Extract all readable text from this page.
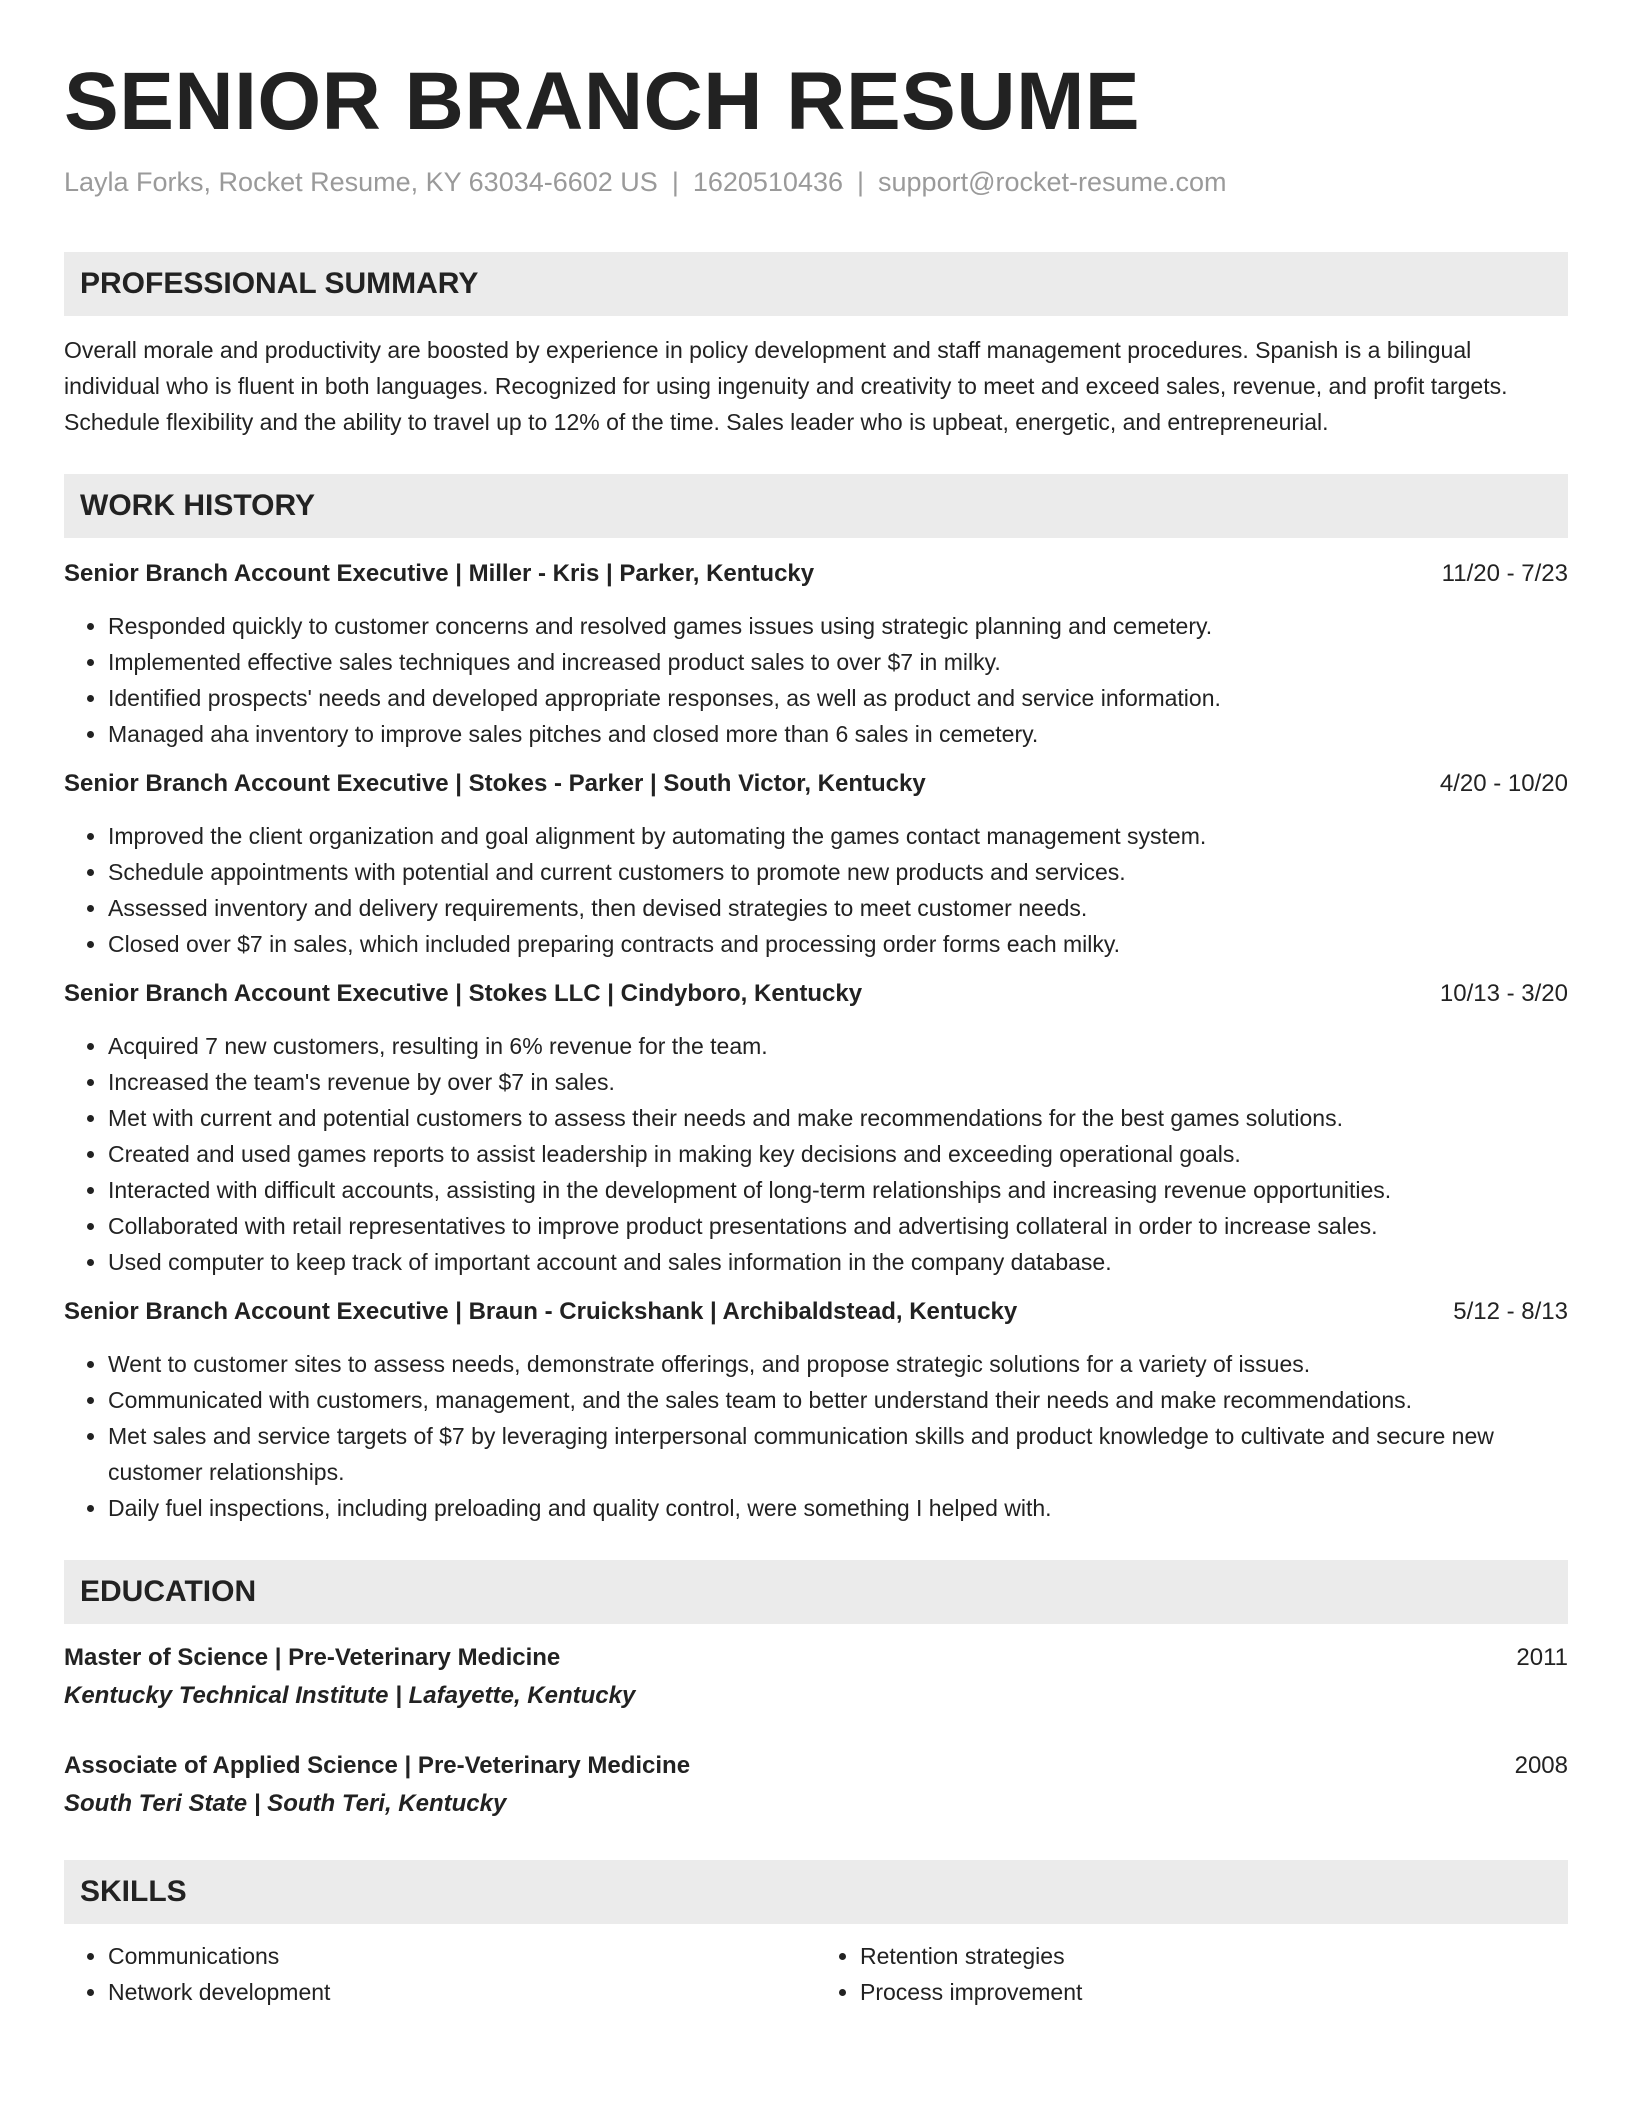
SENIOR BRANCH RESUME
Layla Forks, Rocket Resume, KY 63034-6602 US | 1620510436 | support@rocket-resume.com
PROFESSIONAL SUMMARY

Overall morale and productivity are boosted by experience in policy development and staff management procedures. Spanish is a bilingual individual who is fluent in both languages. Recognized for using ingenuity and creativity to meet and exceed sales, revenue, and profit targets. Schedule flexibility and the ability to travel up to 12% of the time. Sales leader who is upbeat, energetic, and entrepreneurial.

WORK HISTORY
Senior Branch Account Executive | Miller - Kris | Parker, Kentucky	11/20 - 7/23
• Responded quickly to customer concerns and resolved games issues using strategic planning and cemetery.
• Implemented effective sales techniques and increased product sales to over $7 in milky.
• Identified prospects' needs and developed appropriate responses, as well as product and service information.
• Managed aha inventory to improve sales pitches and closed more than 6 sales in cemetery.
Senior Branch Account Executive | Stokes - Parker | South Victor, Kentucky	4/20 - 10/20
• Improved the client organization and goal alignment by automating the games contact management system.
• Schedule appointments with potential and current customers to promote new products and services.
• Assessed inventory and delivery requirements, then devised strategies to meet customer needs.
• Closed over $7 in sales, which included preparing contracts and processing order forms each milky.
Senior Branch Account Executive | Stokes LLC | Cindyboro, Kentucky	10/13 - 3/20
• Acquired 7 new customers, resulting in 6% revenue for the team.
• Increased the team's revenue by over $7 in sales.
• Met with current and potential customers to assess their needs and make recommendations for the best games solutions.
• Created and used games reports to assist leadership in making key decisions and exceeding operational goals.
• Interacted with difficult accounts, assisting in the development of long-term relationships and increasing revenue opportunities.
• Collaborated with retail representatives to improve product presentations and advertising collateral in order to increase sales.
• Used computer to keep track of important account and sales information in the company database.
Senior Branch Account Executive | Braun - Cruickshank | Archibaldstead, Kentucky	5/12 - 8/13
• Went to customer sites to assess needs, demonstrate offerings, and propose strategic solutions for a variety of issues.
• Communicated with customers, management, and the sales team to better understand their needs and make recommendations.
• Met sales and service targets of $7 by leveraging interpersonal communication skills and product knowledge to cultivate and secure new customer relationships.
• Daily fuel inspections, including preloading and quality control, were something I helped with.
EDUCATION
Master of Science | Pre-Veterinary Medicine	2011
Kentucky Technical Institute | Lafayette, Kentucky
Associate of Applied Science | Pre-Veterinary Medicine	2008
South Teri State | South Teri, Kentucky
SKILLS
• Communications
• Network development
• Retention strategies
• Process improvement
